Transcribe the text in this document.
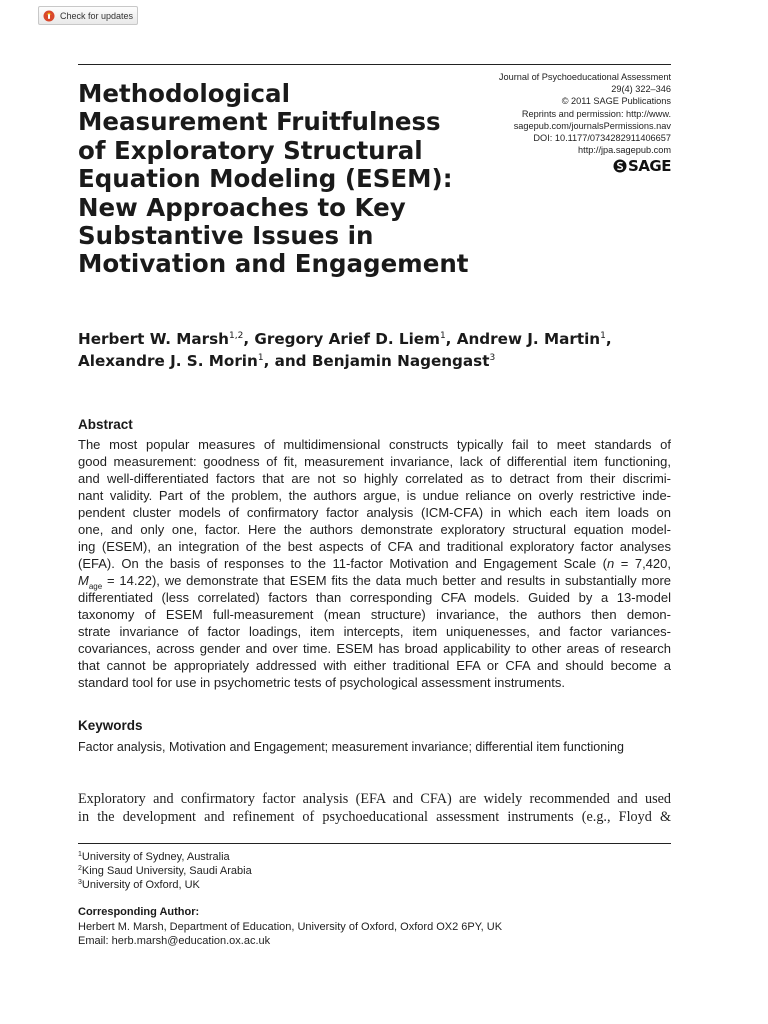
Check for updates
Methodological
Measurement Fruitfulness
of Exploratory Structural
Equation Modeling (ESEM):
New Approaches to Key
Substantive Issues in
Motivation and Engagement
Journal of Psychoeducational Assessment
29(4) 322–346
© 2011 SAGE Publications
Reprints and permission: http://www.
sagepub.com/journalsPermissions.nav
DOI: 10.1177/0734282911406657
http://jpa.sagepub.com
SAGE
Herbert W. Marsh$^{1,2}$, Gregory Arief D. Liem$^1$, Andrew J. Martin$^1$, Alexandre J. S. Morin$^1$, and Benjamin Nagengast$^3$
Abstract
The most popular measures of multidimensional constructs typically fail to meet standards of
good measurement: goodness of fit, measurement invariance, lack of differential item functioning,
and well-differentiated factors that are not so highly correlated as to detract from their discrimi-
nant validity. Part of the problem, the authors argue, is undue reliance on overly restrictive inde-
pendent cluster models of confirmatory factor analysis (ICM-CFA) in which each item loads on
one, and only one, factor. Here the authors demonstrate exploratory structural equation model-
ing (ESEM), an integration of the best aspects of CFA and traditional exploratory factor analyses
(EFA). On the basis of responses to the 11-factor Motivation and Engagement Scale (n = 7,420,
$M_{age} = 14.22$), we demonstrate that ESEM fits the data much better and results in substantially more
differentiated (less correlated) factors than corresponding CFA models. Guided by a 13-model
taxonomy of ESEM full-measurement (mean structure) invariance, the authors then demon-
strate invariance of factor loadings, item intercepts, item uniquenesses, and factor variances-
covariances, across gender and over time. ESEM has broad applicability to other areas of research
that cannot be appropriately addressed with either traditional EFA or CFA and should become a
standard tool for use in psychometric tests of psychological assessment instruments.
Keywords
Factor analysis, Motivation and Engagement; measurement invariance; differential item functioning
Exploratory and confirmatory factor analysis (EFA and CFA) are widely recommended and used
in the development and refinement of psychoeducational assessment instruments (e.g., Floyd &
$^1$University of Sydney, Australia
$^2$King Saud University, Saudi Arabia
$^3$University of Oxford, UK
Corresponding Author:
Herbert M. Marsh, Department of Education, University of Oxford, Oxford OX2 6PY, UK
Email: herb.marsh@education.ox.ac.uk
